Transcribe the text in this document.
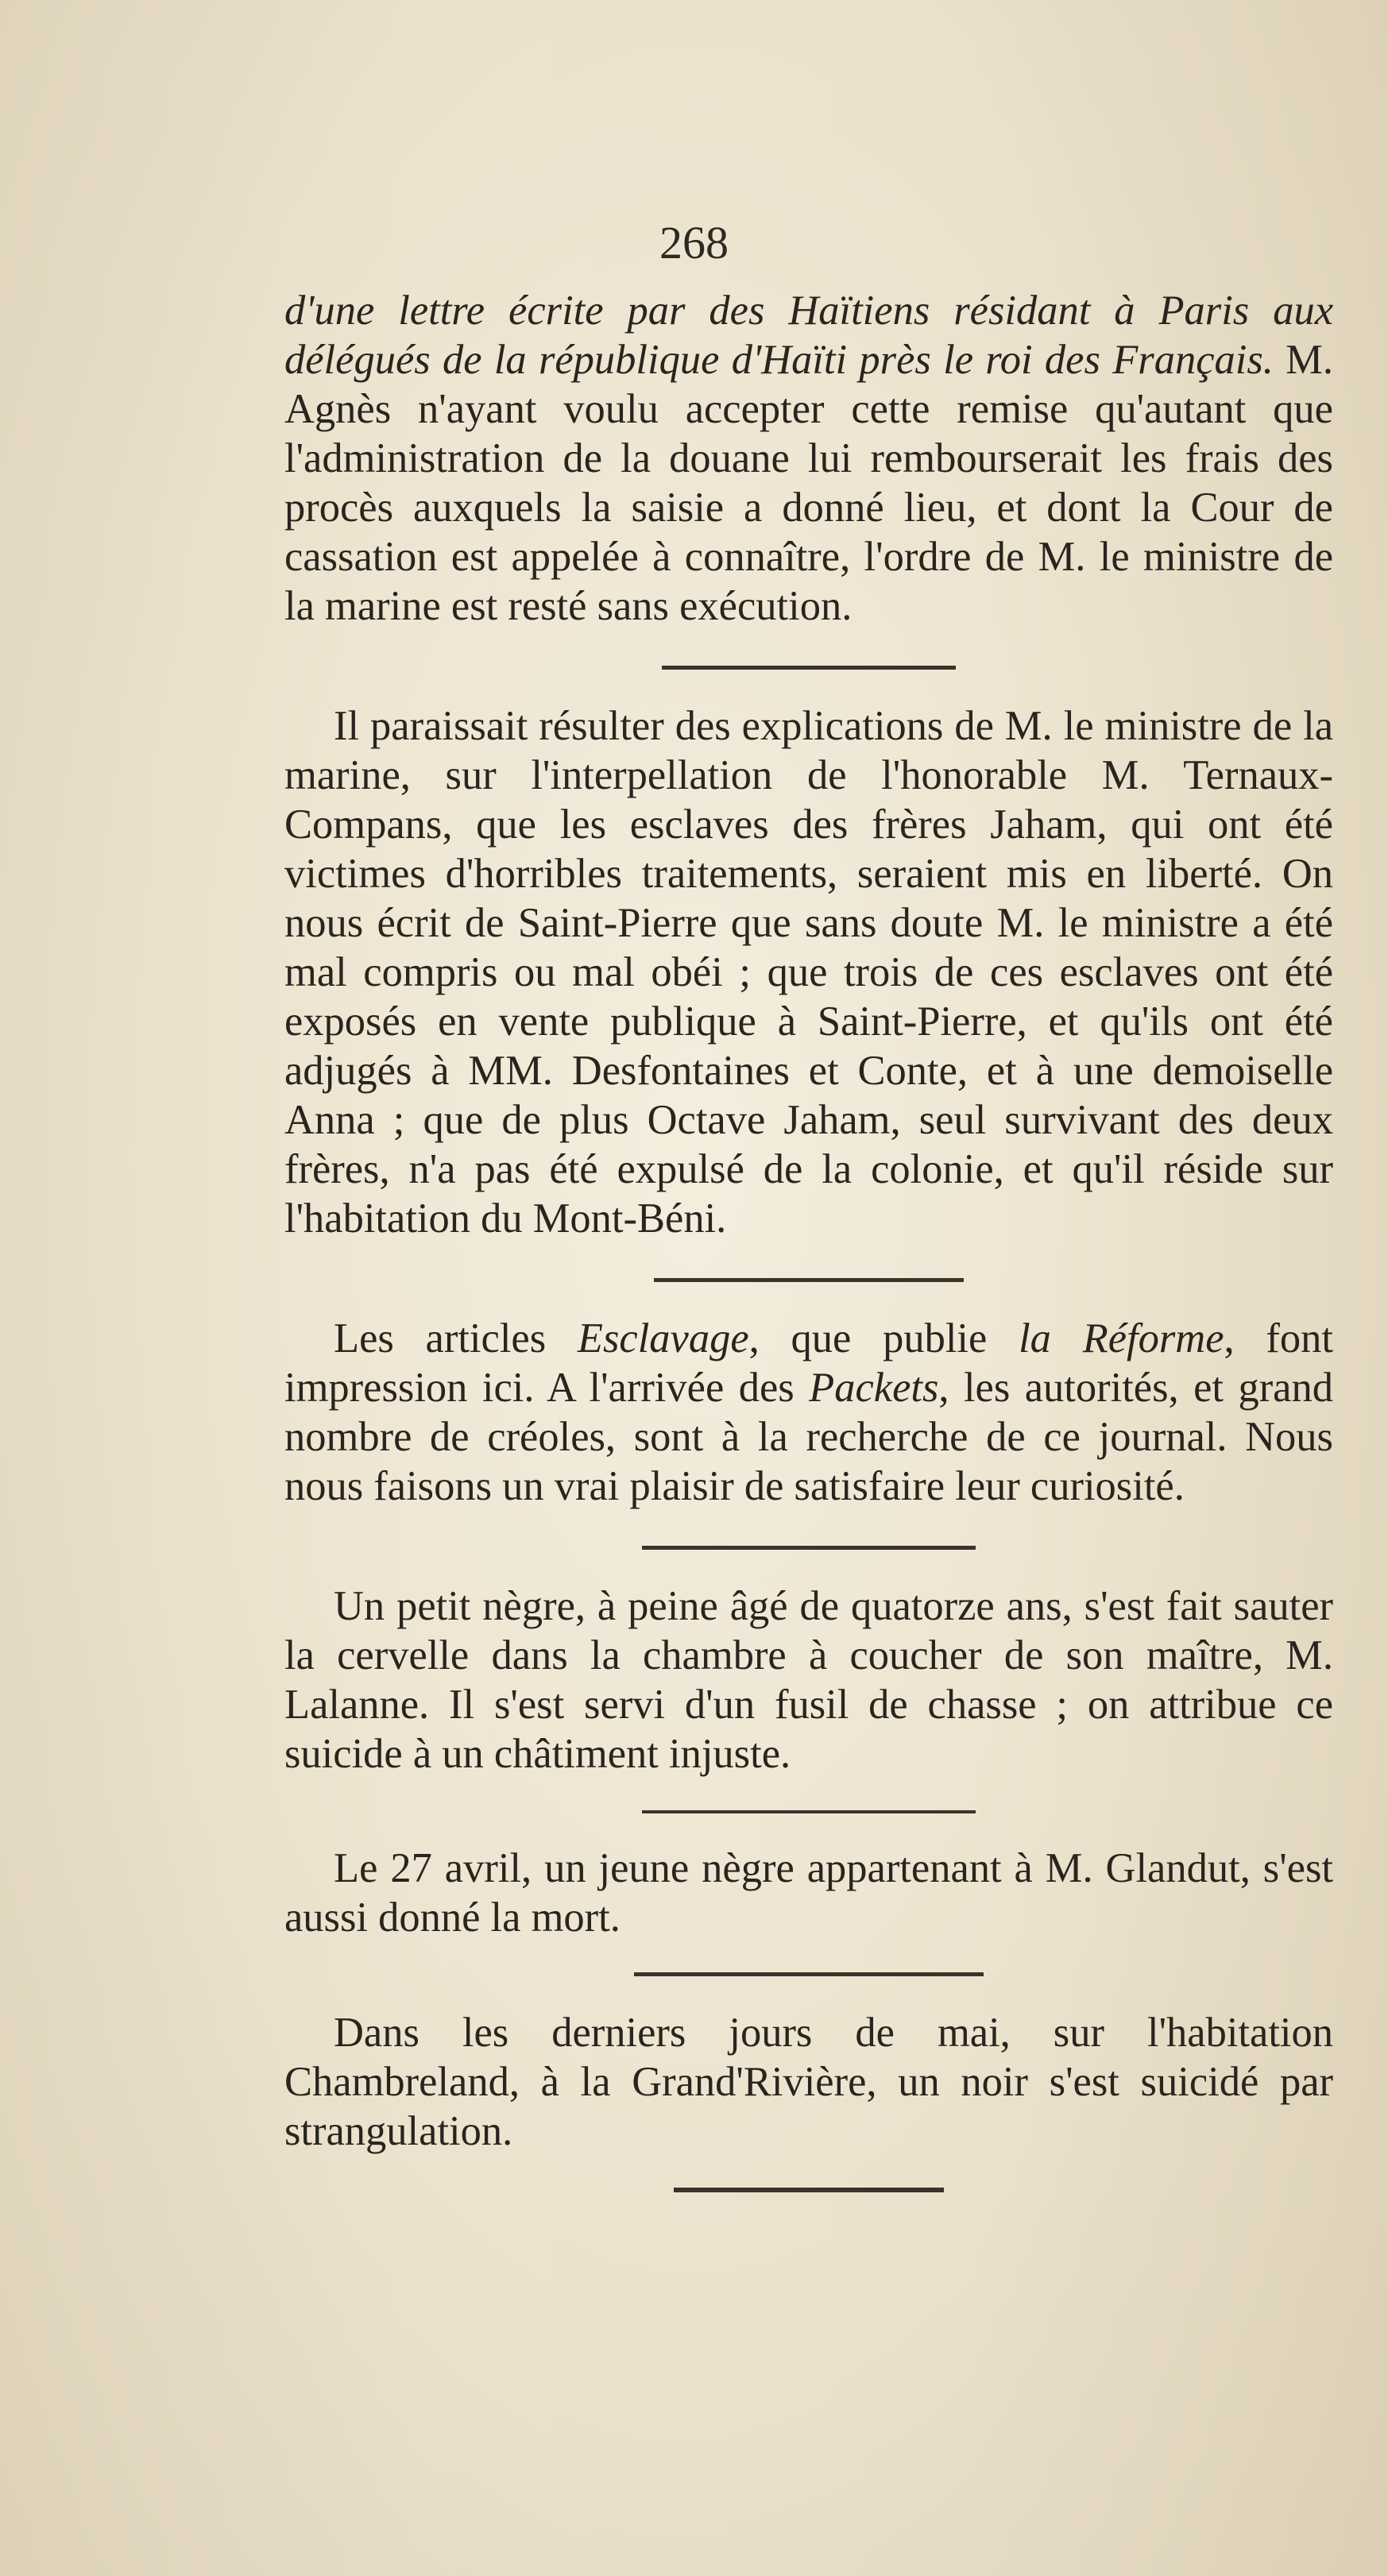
268

d'une lettre écrite par des Haïtiens résidant à Paris aux délégués de la république d'Haïti près le roi des Français. M. Agnès n'ayant voulu accepter cette remise qu'autant que l'administration de la douane lui rembourserait les frais des procès auxquels la saisie a donné lieu, et dont la Cour de cassation est appelée à connaître, l'ordre de M. le ministre de la marine est resté sans exécution.

Il paraissait résulter des explications de M. le ministre de la marine, sur l'interpellation de l'honorable M. Ternaux-Compans, que les esclaves des frères Jaham, qui ont été victimes d'horribles traitements, seraient mis en liberté. On nous écrit de Saint-Pierre que sans doute M. le ministre a été mal compris ou mal obéi ; que trois de ces esclaves ont été exposés en vente publique à Saint-Pierre, et qu'ils ont été adjugés à MM. Desfontaines et Conte, et à une demoiselle Anna ; que de plus Octave Jaham, seul survivant des deux frères, n'a pas été expulsé de la colonie, et qu'il réside sur l'habitation du Mont-Béni.

Les articles Esclavage, que publie la Réforme, font impression ici. A l'arrivée des Packets, les autorités, et grand nombre de créoles, sont à la recherche de ce journal. Nous nous faisons un vrai plaisir de satisfaire leur curiosité.

Un petit nègre, à peine âgé de quatorze ans, s'est fait sauter la cervelle dans la chambre à coucher de son maître, M. Lalanne. Il s'est servi d'un fusil de chasse ; on attribue ce suicide à un châtiment injuste.

Le 27 avril, un jeune nègre appartenant à M. Glandut, s'est aussi donné la mort.

Dans les derniers jours de mai, sur l'habitation Chambreland, à la Grand'Rivière, un noir s'est suicidé par strangulation.
